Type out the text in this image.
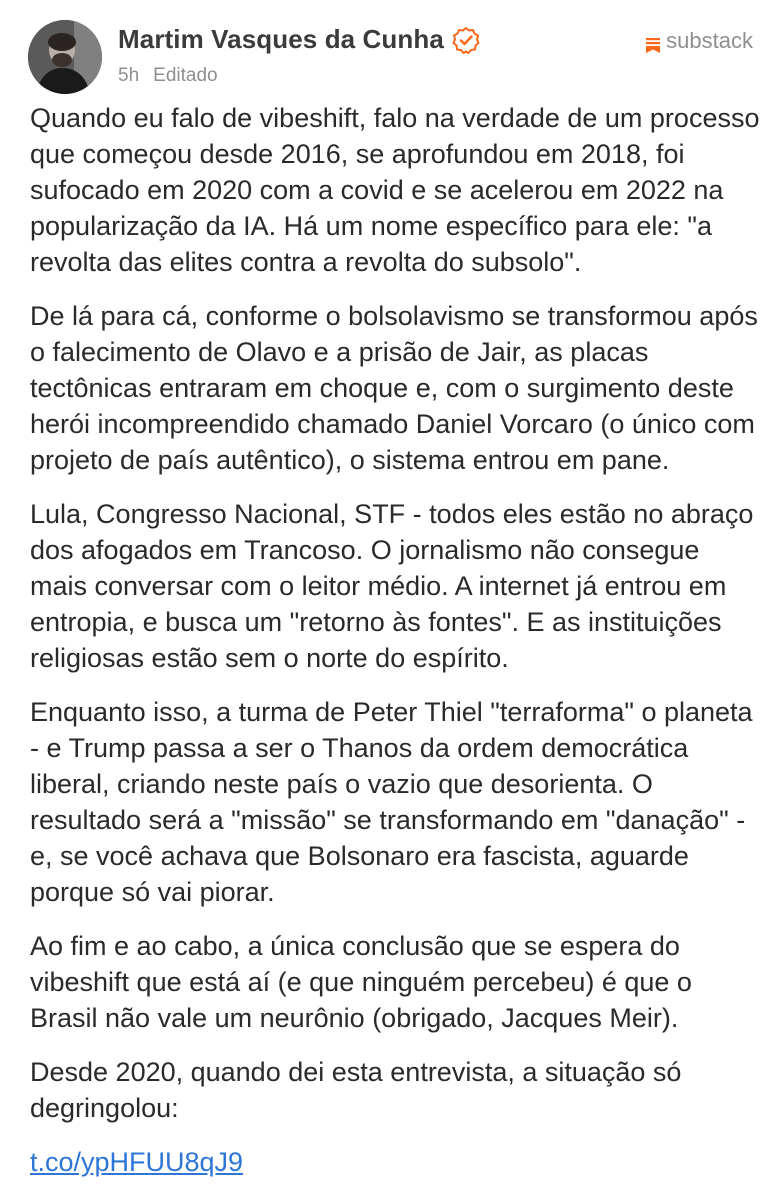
Martim Vasques da Cunha
5h Editado
substack

Quando eu falo de vibeshift, falo na verdade de um processo que começou desde 2016, se aprofundou em 2018, foi sufocado em 2020 com a covid e se acelerou em 2022 na popularização da IA. Há um nome específico para ele: "a revolta das elites contra a revolta do subsolo".

De lá para cá, conforme o bolsolavismo se transformou após o falecimento de Olavo e a prisão de Jair, as placas tectônicas entraram em choque e, com o surgimento deste herói incompreendido chamado Daniel Vorcaro (o único com projeto de país autêntico), o sistema entrou em pane.

Lula, Congresso Nacional, STF - todos eles estão no abraço dos afogados em Trancoso. O jornalismo não consegue mais conversar com o leitor médio. A internet já entrou em entropia, e busca um "retorno às fontes". E as instituições religiosas estão sem o norte do espírito.

Enquanto isso, a turma de Peter Thiel "terraforma" o planeta - e Trump passa a ser o Thanos da ordem democrática liberal, criando neste país o vazio que desorienta. O resultado será a "missão" se transformando em "danação" - e, se você achava que Bolsonaro era fascista, aguarde porque só vai piorar.

Ao fim e ao cabo, a única conclusão que se espera do vibeshift que está aí (e que ninguém percebeu) é que o Brasil não vale um neurônio (obrigado, Jacques Meir).

Desde 2020, quando dei esta entrevista, a situação só degringolou:

t.co/ypHFUU8qJ9
